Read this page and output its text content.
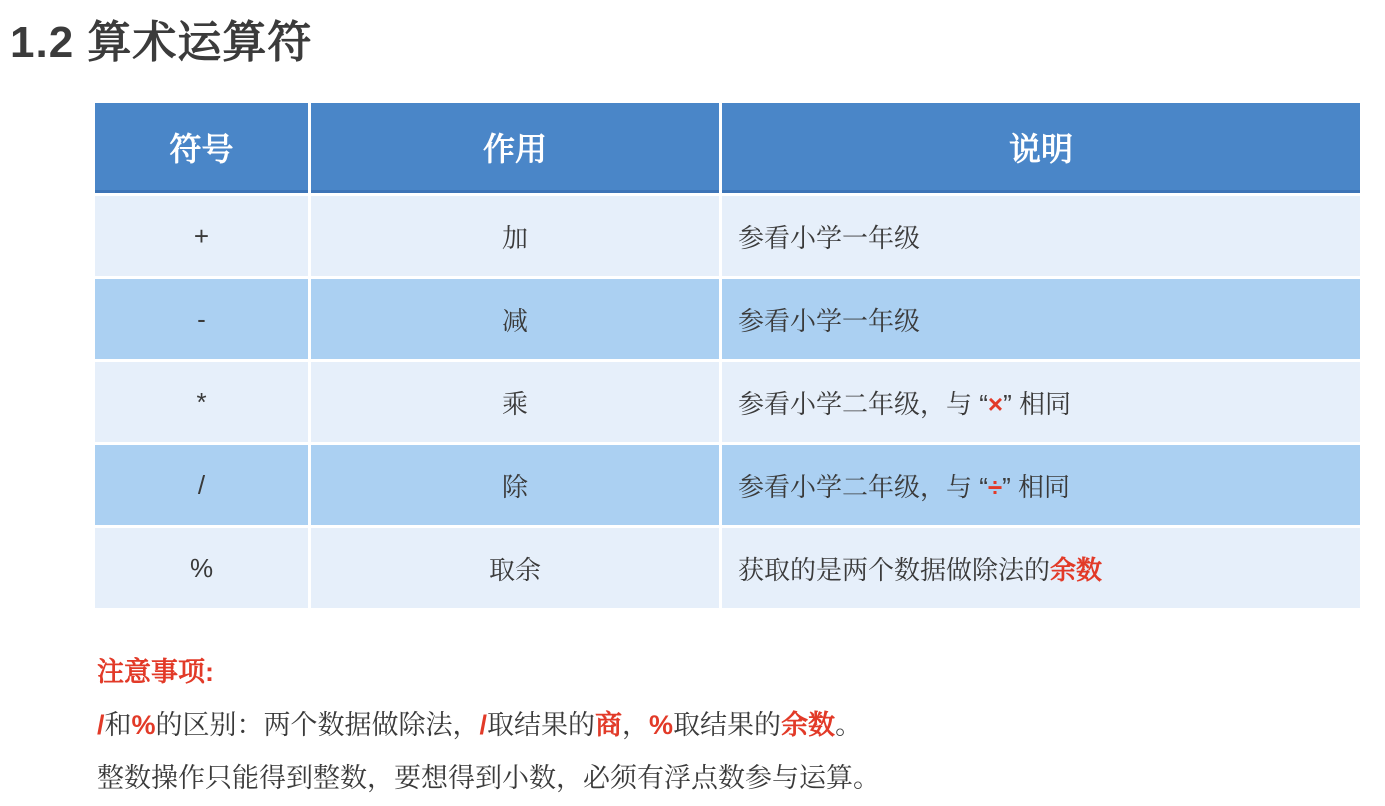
1.2 算术运算符
符号	作用	说明
+	加	参看小学一年级
-	减	参看小学一年级
*	乘	参看小学二年级，与 “×” 相同
/	除	参看小学二年级，与 “÷” 相同
%	取余	获取的是两个数据做除法的余数
注意事项:
/和%的区别：两个数据做除法，/取结果的商，%取结果的余数。
整数操作只能得到整数，要想得到小数，必须有浮点数参与运算。
